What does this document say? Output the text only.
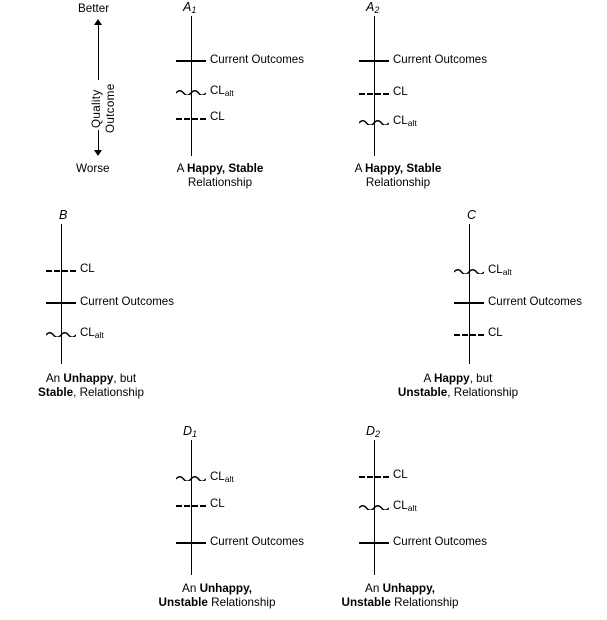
Better
Quality Outcome
Worse
$A_1$
Current Outcomes
$CL_{alt}$
CL
A Happy, Stable
Relationship
$A_2$
Current Outcomes
CL
$CL_{alt}$
A Happy, Stable
Relationship
B
CL
Current Outcomes
$CL_{alt}$
An Unhappy, but
Stable, Relationship
C
$CL_{alt}$
Current Outcomes
CL
A Happy, but
Unstable, Relationship
$D_1$
$CL_{alt}$
CL
Current Outcomes
An Unhappy,
Unstable Relationship
$D_2$
CL
$CL_{alt}$
Current Outcomes
An Unhappy,
Unstable Relationship
